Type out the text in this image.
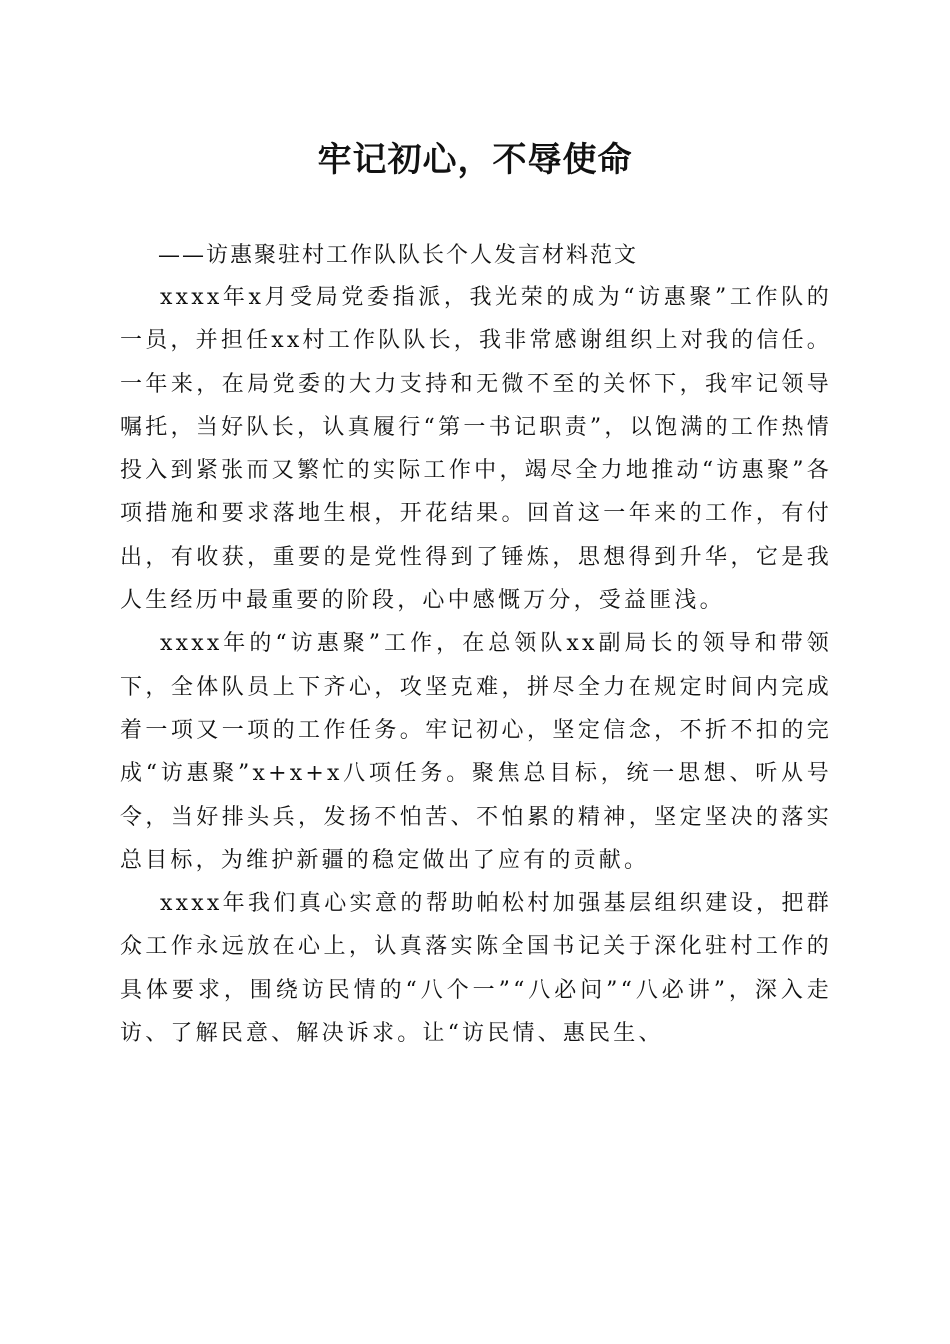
牢记初心，不辱使命

——访惠聚驻村工作队队长个人发言材料范文

xxxx年x月受局党委指派，我光荣的成为“访惠聚”工作队的一员，并担任xx村工作队队长，我非常感谢组织上对我的信任。一年来，在局党委的大力支持和无微不至的关怀下，我牢记领导嘱托，当好队长，认真履行“第一书记职责”，以饱满的工作热情投入到紧张而又繁忙的实际工作中，竭尽全力地推动“访惠聚”各项措施和要求落地生根，开花结果。回首这一年来的工作，有付出，有收获，重要的是党性得到了锤炼，思想得到升华，它是我人生经历中最重要的阶段，心中感慨万分，受益匪浅。

xxxx年的“访惠聚”工作，在总领队xx副局长的领导和带领下，全体队员上下齐心，攻坚克难，拼尽全力在规定时间内完成着一项又一项的工作任务。牢记初心，坚定信念，不折不扣的完成“访惠聚”x+x+x八项任务。聚焦总目标，统一思想、听从号令，当好排头兵，发扬不怕苦、不怕累的精神，坚定坚决的落实总目标，为维护新疆的稳定做出了应有的贡献。

xxxx年我们真心实意的帮助帕松村加强基层组织建设，把群众工作永远放在心上，认真落实陈全国书记关于深化驻村工作的具体要求，围绕访民情的“八个一”“八必问”“八必讲”，深入走访、了解民意、解决诉求。让“访民情、惠民生、
